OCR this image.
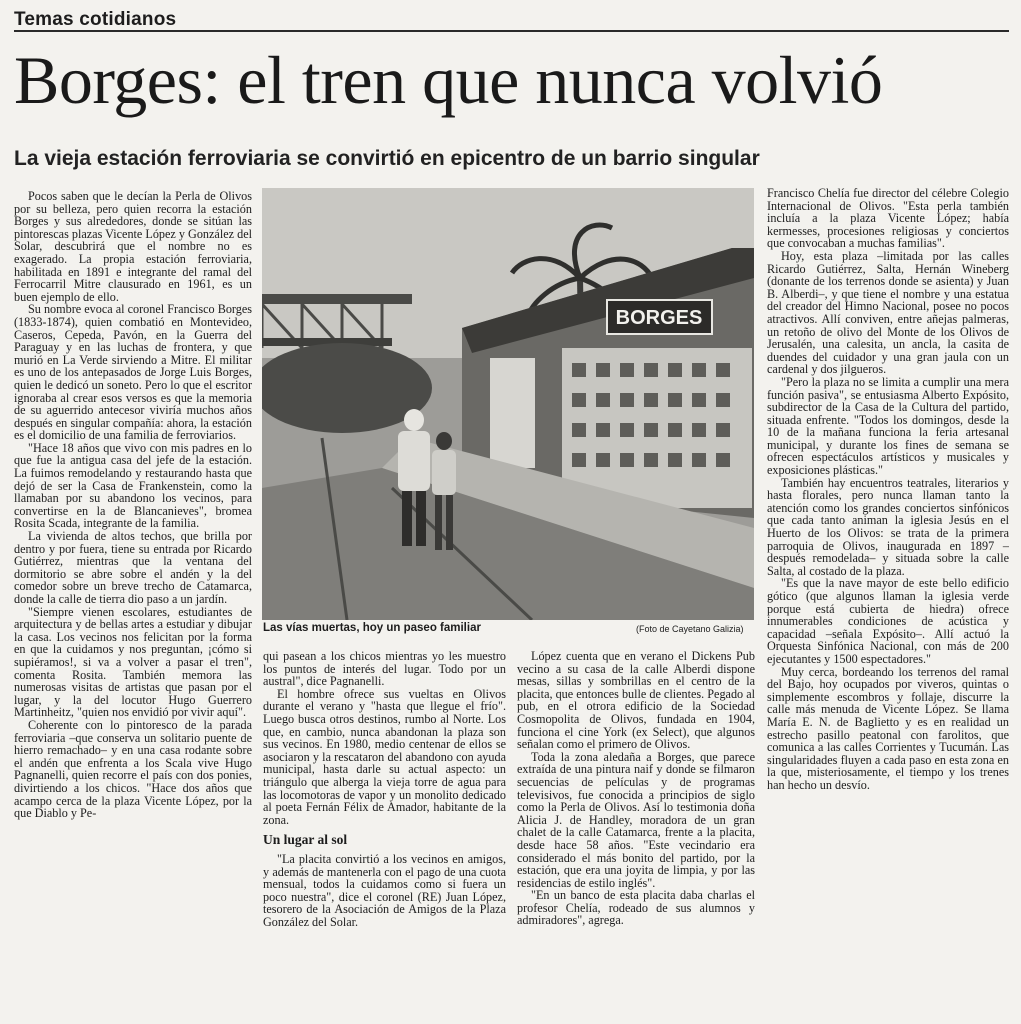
Temas cotidianos
Borges: el tren que nunca volvió
La vieja estación ferroviaria se convirtió en epicentro de un barrio singular

Pocos saben que le decían la Perla de Olivos por su belleza, pero quien recorra la estación Borges y sus alrededores, donde se sitúan las pintorescas plazas Vicente López y González del Solar, descubrirá que el nombre no es exagerado. La propia estación ferroviaria, habilitada en 1891 e integrante del ramal del Ferrocarril Mitre clausurado en 1961, es un buen ejemplo de ello.

Su nombre evoca al coronel Francisco Borges (1833-1874), quien combatió en Montevideo, Caseros, Cepeda, Pavón, en la Guerra del Paraguay y en las luchas de frontera, y que murió en La Verde sirviendo a Mitre. El militar es uno de los antepasados de Jorge Luis Borges, quien le dedicó un soneto. Pero lo que el escritor ignoraba al crear esos versos es que la memoria de su aguerrido antecesor viviría muchos años después en singular compañía: ahora, la estación es el domicilio de una familia de ferroviarios.

"Hace 18 años que vivo con mis padres en lo que fue la antigua casa del jefe de la estación. La fuimos remodelando y restaurando hasta que dejó de ser la Casa de Frankenstein, como la llamaban por su abandono los vecinos, para convertirse en la de Blancanieves", bromea Rosita Scada, integrante de la familia.

La vivienda de altos techos, que brilla por dentro y por fuera, tiene su entrada por Ricardo Gutiérrez, mientras que la ventana del dormitorio se abre sobre el andén y la del comedor sobre un breve trecho de Catamarca, donde la calle de tierra dio paso a un jardín.

"Siempre vienen escolares, estudiantes de arquitectura y de bellas artes a estudiar y dibujar la casa. Los vecinos nos felicitan por la forma en que la cuidamos y nos preguntan, ¡cómo si supiéramos!, si va a volver a pasar el tren", comenta Rosita. También memora las numerosas visitas de artistas que pasan por el lugar, y la del locutor Hugo Guerrero Martinheitz, "quien nos envidió por vivir aquí".

Coherente con lo pintoresco de la parada ferroviaria –que conserva un solitario puente de hierro remachado– y en una casa rodante sobre el andén que enfrenta a los Scala vive Hugo Pagnanelli, quien recorre el país con dos ponies, divirtiendo a los chicos. "Hace dos años que acampo cerca de la plaza Vicente López, por la que Diablo y Pe-

BORGES
Las vías muertas, hoy un paseo familiar	(Foto de Cayetano Galizia)

qui pasean a los chicos mientras yo les muestro los puntos de interés del lugar. Todo por un austral", dice Pagnanelli.

El hombre ofrece sus vueltas en Olivos durante el verano y "hasta que llegue el frío". Luego busca otros destinos, rumbo al Norte. Los que, en cambio, nunca abandonan la plaza son sus vecinos. En 1980, medio centenar de ellos se asociaron y la rescataron del abandono con ayuda municipal, hasta darle su actual aspecto: un triángulo que alberga la vieja torre de agua para las locomotoras de vapor y un monolito dedicado al poeta Fernán Félix de Amador, habitante de la zona.

Un lugar al sol

"La placita convirtió a los vecinos en amigos, y además de mantenerla con el pago de una cuota mensual, todos la cuidamos como si fuera un poco nuestra", dice el coronel (RE) Juan López, tesorero de la Asociación de Amigos de la Plaza González del Solar.

López cuenta que en verano el Dickens Pub vecino a su casa de la calle Alberdi dispone mesas, sillas y sombrillas en el centro de la placita, que entonces bulle de clientes. Pegado al pub, en el otrora edificio de la Sociedad Cosmopolita de Olivos, fundada en 1904, funciona el cine York (ex Select), que algunos señalan como el primero de Olivos.

Toda la zona aledaña a Borges, que parece extraída de una pintura naif y donde se filmaron secuencias de películas y de programas televisivos, fue conocida a principios de siglo como la Perla de Olivos. Así lo testimonia doña Alicia J. de Handley, moradora de un gran chalet de la calle Catamarca, frente a la placita, desde hace 58 años. "Este vecindario era considerado el más bonito del partido, por la estación, que era una joyita de limpia, y por las residencias de estilo inglés".

"En un banco de esta placita daba charlas el profesor Chelía, rodeado de sus alumnos y admiradores", agrega.

Francisco Chelía fue director del célebre Colegio Internacional de Olivos. "Esta perla también incluía a la plaza Vicente López; había kermesses, procesiones religiosas y conciertos que convocaban a muchas familias".

Hoy, esta plaza –limitada por las calles Ricardo Gutiérrez, Salta, Hernán Wineberg (donante de los terrenos donde se asienta) y Juan B. Alberdi–, y que tiene el nombre y una estatua del creador del Himno Nacional, posee no pocos atractivos. Allí conviven, entre añejas palmeras, un retoño de olivo del Monte de los Olivos de Jerusalén, una calesita, un ancla, la casita de duendes del cuidador y una gran jaula con un cardenal y dos jilgueros.

"Pero la plaza no se limita a cumplir una mera función pasiva", se entusiasma Alberto Expósito, subdirector de la Casa de la Cultura del partido, situada enfrente. "Todos los domingos, desde la 10 de la mañana funciona la feria artesanal municipal, y durante los fines de semana se ofrecen espectáculos artísticos y musicales y exposiciones plásticas."

También hay encuentros teatrales, literarios y hasta florales, pero nunca llaman tanto la atención como los grandes conciertos sinfónicos que cada tanto animan la iglesia Jesús en el Huerto de los Olivos: se trata de la primera parroquia de Olivos, inaugurada en 1897 –después remodelada– y situada sobre la calle Salta, al costado de la plaza.

"Es que la nave mayor de este bello edificio gótico (que algunos llaman la iglesia verde porque está cubierta de hiedra) ofrece innumerables condiciones de acústica y capacidad –señala Expósito–. Allí actuó la Orquesta Sinfónica Nacional, con más de 200 ejecutantes y 1500 espectadores."

Muy cerca, bordeando los terrenos del ramal del Bajo, hoy ocupados por viveros, quintas o simplemente escombros y follaje, discurre la calle más menuda de Vicente López. Se llama María E. N. de Baglietto y es en realidad un estrecho pasillo peatonal con farolitos, que comunica a las calles Corrientes y Tucumán. Las singularidades fluyen a cada paso en esta zona en la que, misteriosamente, el tiempo y los trenes han hecho un desvío.
